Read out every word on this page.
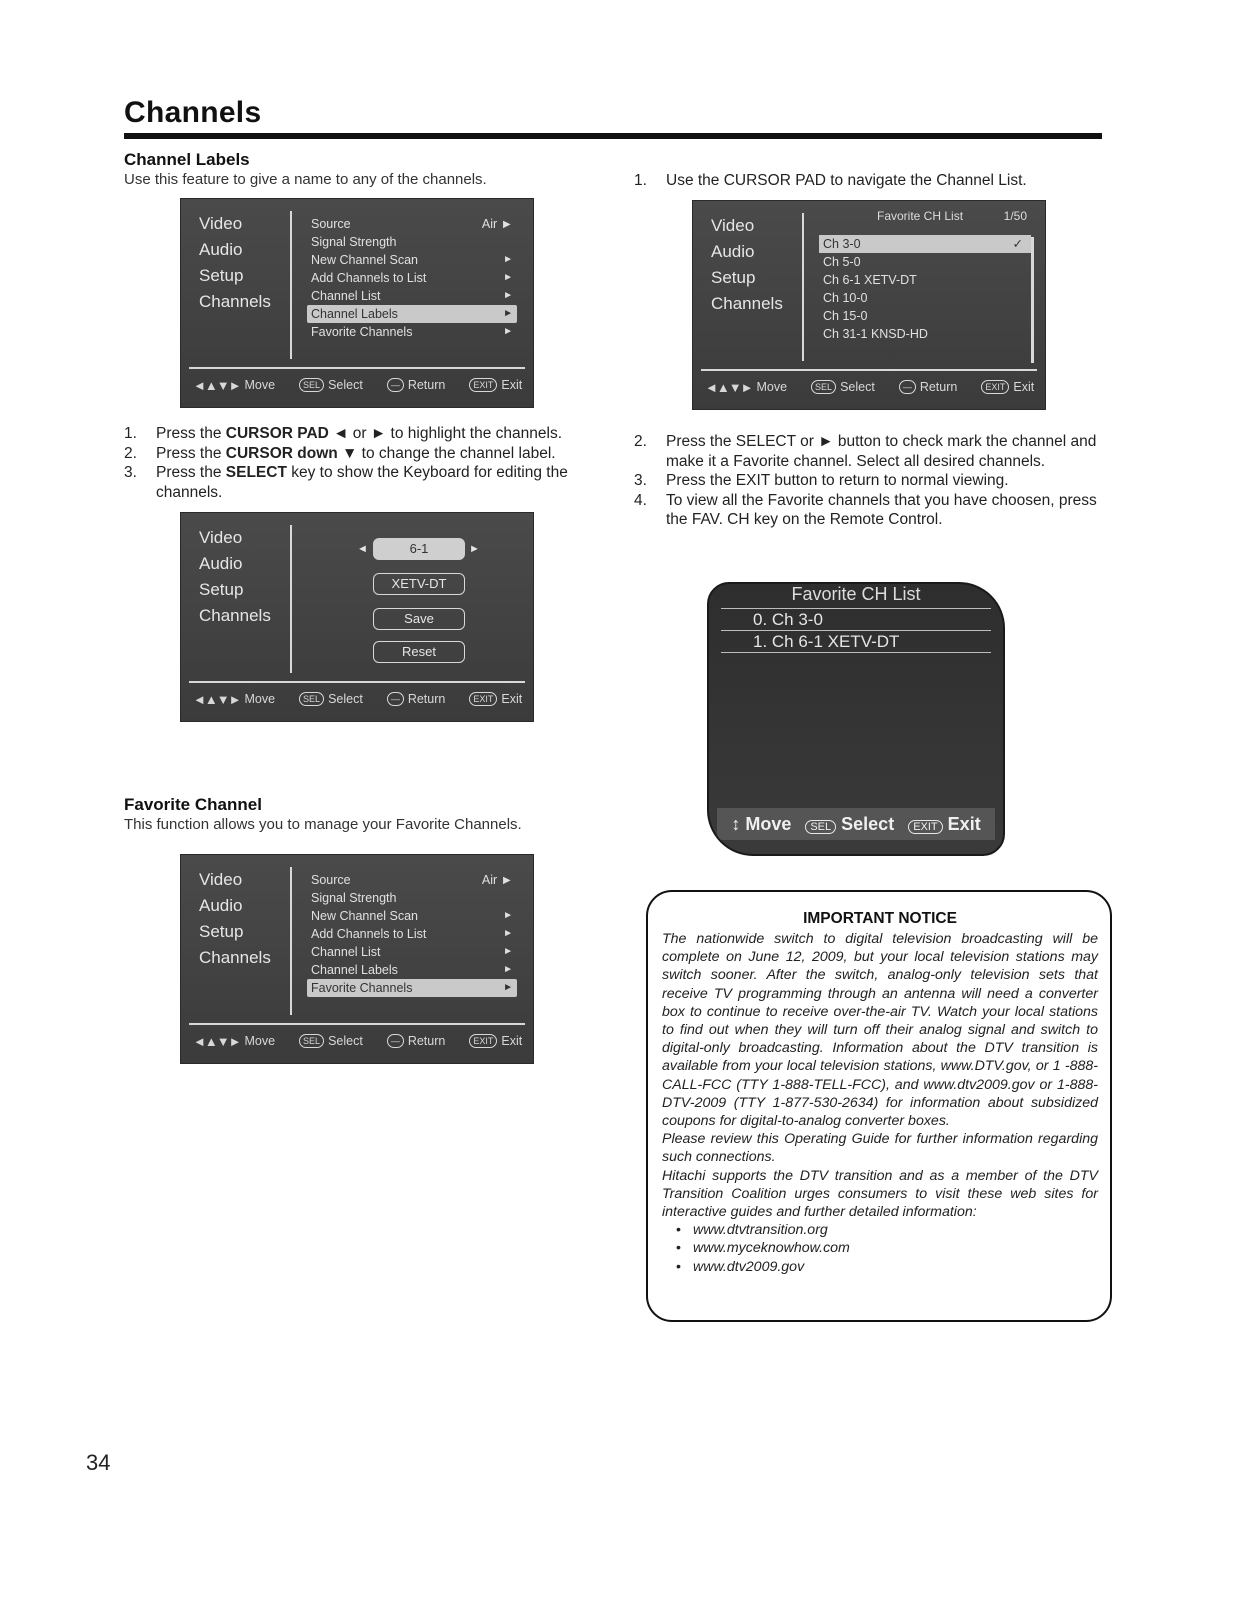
Channels
Channel Labels
Use this feature to give a name to any of the channels.
Video
Audio
Setup
Channels
Source	Air ►
Signal Strength
New Channel Scan	►
Add Channels to List	►
Channel List	►
Channel Labels	►
Favorite Channels	►
◄▲▼► Move	SEL Select	— Return	EXIT Exit
1. Press the CURSOR PAD ◄ or ► to highlight the channels.
2. Press the CURSOR down ▼ to change the channel label.
3. Press the SELECT key to show the Keyboard for editing the channels.
Video
Audio
Setup
Channels
◄	6-1	►
XETV-DT
Save
Reset
◄▲▼► Move	SEL Select	— Return	EXIT Exit
Favorite Channel
This function allows you to manage your Favorite Channels.
Video
Audio
Setup
Channels
Source	Air ►
Signal Strength
New Channel Scan	►
Add Channels to List	►
Channel List	►
Channel Labels	►
Favorite Channels	►
◄▲▼► Move	SEL Select	— Return	EXIT Exit
1. Use the CURSOR PAD to navigate the Channel List.
Video
Audio
Setup
Channels
Favorite CH List	1/50
Ch 3-0	✓
Ch 5-0
Ch 6-1 XETV-DT
Ch 10-0
Ch 15-0
Ch 31-1 KNSD-HD
◄▲▼► Move	SEL Select	— Return	EXIT Exit
2. Press the SELECT or ► button to check mark the channel and make it a Favorite channel. Select all desired channels.
3. Press the EXIT button to return to normal viewing.
4. To view all the Favorite channels that you have choosen, press the FAV. CH key on the Remote Control.
Favorite CH List
0. Ch 3-0
1. Ch 6-1 XETV-DT
↕ Move	SEL Select	EXIT Exit
IMPORTANT NOTICE
The nationwide switch to digital television broadcasting will be complete on June 12, 2009, but your local television stations may switch sooner. After the switch, analog-only television sets that receive TV programming through an antenna will need a converter box to continue to receive over-the-air TV. Watch your local stations to find out when they will turn off their analog signal and switch to digital-only broadcasting. Information about the DTV transition is available from your local television stations, www.DTV.gov, or 1 -888-CALL-FCC (TTY 1-888-TELL-FCC), and www.dtv2009.gov or 1-888-DTV-2009 (TTY 1-877-530-2634) for information about subsidized coupons for digital-to-analog converter boxes.
Please review this Operating Guide for further information regarding such connections.
Hitachi supports the DTV transition and as a member of the DTV Transition Coalition urges consumers to visit these web sites for interactive guides and further detailed information:
• www.dtvtransition.org
• www.myceknowhow.com
• www.dtv2009.gov
34
